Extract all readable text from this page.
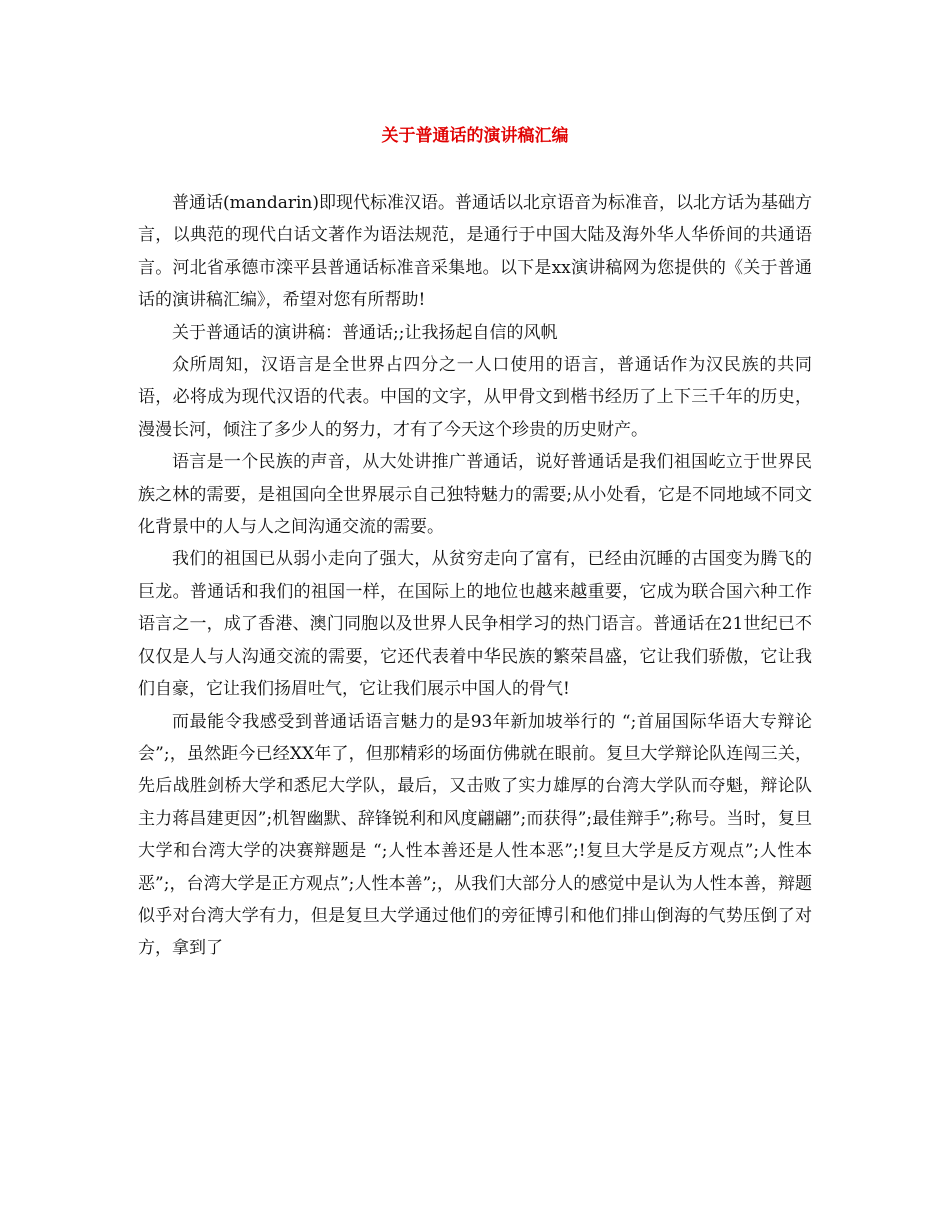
关于普通话的演讲稿汇编

普通话(mandarin)即现代标准汉语。普通话以北京语音为标准音，以北方话为基础方言，以典范的现代白话文著作为语法规范，是通行于中国大陆及海外华人华侨间的共通语言。河北省承德市滦平县普通话标准音采集地。以下是xx演讲稿网为您提供的《关于普通话的演讲稿汇编》，希望对您有所帮助!

关于普通话的演讲稿：普通话;;让我扬起自信的风帆

众所周知，汉语言是全世界占四分之一人口使用的语言，普通话作为汉民族的共同语，必将成为现代汉语的代表。中国的文字，从甲骨文到楷书经历了上下三千年的历史，漫漫长河，倾注了多少人的努力，才有了今天这个珍贵的历史财产。

语言是一个民族的声音，从大处讲推广普通话，说好普通话是我们祖国屹立于世界民族之林的需要，是祖国向全世界展示自己独特魅力的需要;从小处看，它是不同地域不同文化背景中的人与人之间沟通交流的需要。

我们的祖国已从弱小走向了强大，从贫穷走向了富有，已经由沉睡的古国变为腾飞的巨龙。普通话和我们的祖国一样，在国际上的地位也越来越重要，它成为联合国六种工作语言之一，成了香港、澳门同胞以及世界人民争相学习的热门语言。普通话在21世纪已不仅仅是人与人沟通交流的需要，它还代表着中华民族的繁荣昌盛，它让我们骄傲，它让我们自豪，它让我们扬眉吐气，它让我们展示中国人的骨气!

而最能令我感受到普通话语言魅力的是93年新加坡举行的 “;首届国际华语大专辩论会”;，虽然距今已经XX年了，但那精彩的场面仿佛就在眼前。复旦大学辩论队连闯三关，先后战胜剑桥大学和悉尼大学队，最后，又击败了实力雄厚的台湾大学队而夺魁，辩论队主力蒋昌建更因”;机智幽默、辞锋锐利和风度翩翩”;而获得”;最佳辩手”;称号。当时，复旦大学和台湾大学的决赛辩题是 “;人性本善还是人性本恶”;!复旦大学是反方观点”;人性本恶”;，台湾大学是正方观点”;人性本善”;，从我们大部分人的感觉中是认为人性本善，辩题似乎对台湾大学有力，但是复旦大学通过他们的旁征博引和他们排山倒海的气势压倒了对方，拿到了
